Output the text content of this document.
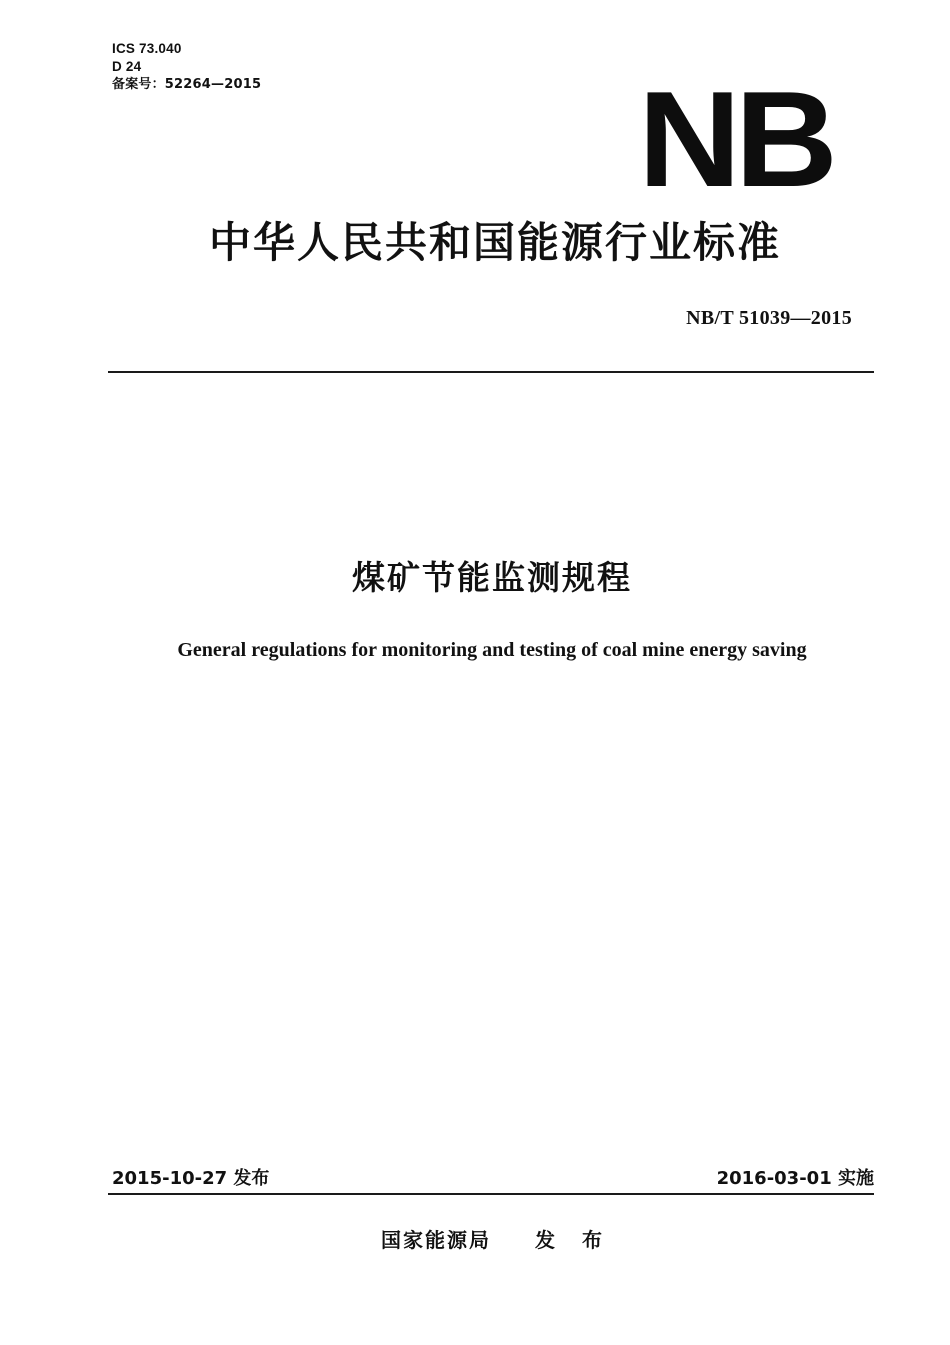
ICS 73.040
D 24
备案号：52264—2015	NB
中华人民共和国能源行业标准
NB/T 51039—2015
煤矿节能监测规程
General regulations for monitoring and testing of coal mine energy saving
2015-10-27 发布	2016-03-01 实施
国家能源局 发 布
